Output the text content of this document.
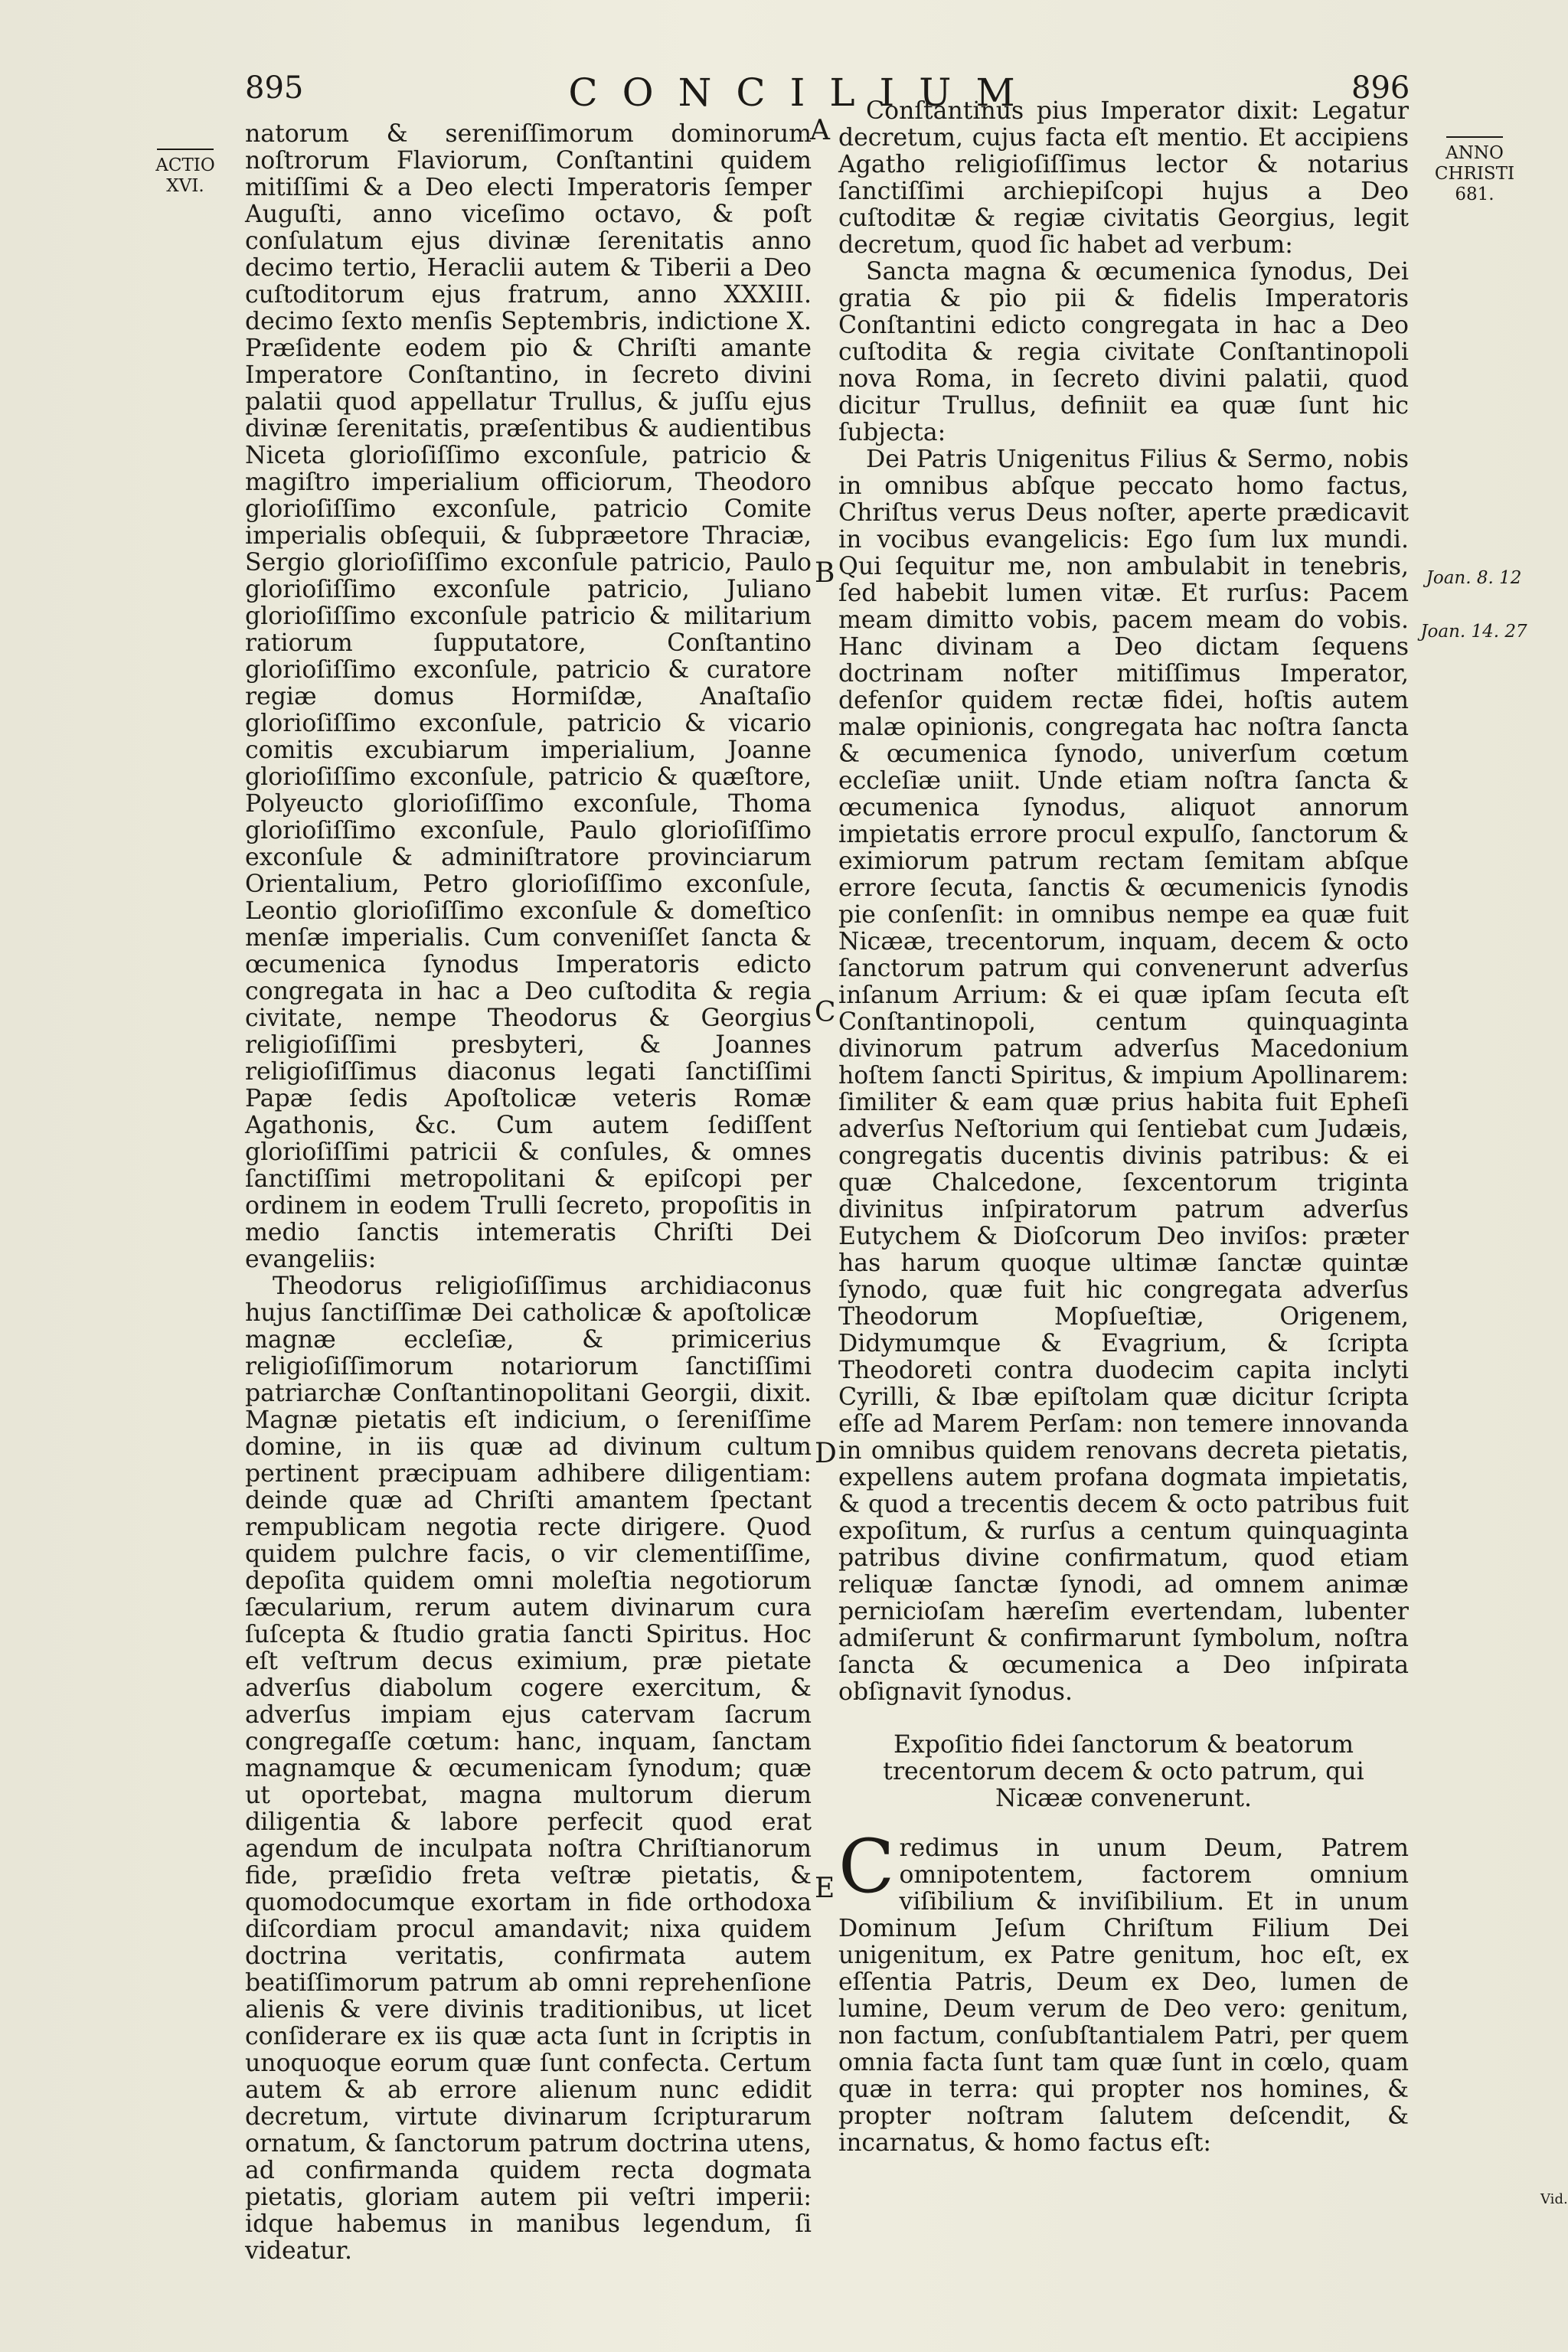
895	CONCILIUM	896

ACTIO
XVI.

ANNO
CHRISTI
681.
Joan. 8. 12
Joan. 14. 27
Vid.
A
B
C
D
E

natorum & sereniſſimorum dominorum noſtrorum Flaviorum, Conſtantini quidem mitiſſimi & a Deo electi Imperatoris ſemper Auguſti, anno viceſimo octavo, & poſt conſulatum ejus divinæ ſerenitatis anno decimo tertio, Heraclii autem & Tiberii a Deo cuſtoditorum ejus fratrum, anno XXXIII. decimo ſexto menſis Septembris, indictione X. Præſidente eodem pio & Chriſti amante Imperatore Conſtantino, in ſecreto divini palatii quod appellatur Trullus, & juſſu ejus divinæ ſerenitatis, præſentibus & audientibus Niceta glorioſiſſimo exconſule, patricio & magiſtro imperialium officiorum, Theodoro glorioſiſſimo exconſule, patricio Comite imperialis obſequii, & ſubpræetore Thraciæ, Sergio glorioſiſſimo exconſule patricio, Paulo glorioſiſſimo exconſule patricio, Juliano glorioſiſſimo exconſule patricio & militarium ratiorum ſupputatore, Conſtantino glorioſiſſimo exconſule, patricio & curatore regiæ domus Hormiſdæ, Anaſtaſio glorioſiſſimo exconſule, patricio & vicario comitis excubiarum imperialium, Joanne glorioſiſſimo exconſule, patricio & quæſtore, Polyeucto glorioſiſſimo exconſule, Thoma glorioſiſſimo exconſule, Paulo glorioſiſſimo exconſule & adminiſtratore provinciarum Orientalium, Petro glorioſiſſimo exconſule, Leontio glorioſiſſimo exconſule & domeſtico menſæ imperialis. Cum conveniſſet ſancta & œcumenica ſynodus Imperatoris edicto congregata in hac a Deo cuſtodita & regia civitate, nempe Theodorus & Georgius religioſiſſimi presbyteri, & Joannes religioſiſſimus diaconus legati ſanctiſſimi Papæ ſedis Apoſtolicæ veteris Romæ Agathonis, &c. Cum autem ſediſſent glorioſiſſimi patricii & conſules, & omnes ſanctiſſimi metropolitani & epiſcopi per ordinem in eodem Trulli ſecreto, propoſitis in medio ſanctis intemeratis Chriſti Dei evangeliis:

Theodorus religioſiſſimus archidiaconus hujus ſanctiſſimæ Dei catholicæ & apoſtolicæ magnæ eccleſiæ, & primicerius religioſiſſimorum notariorum ſanctiſſimi patriarchæ Conſtantinopolitani Georgii, dixit. Magnæ pietatis eſt indicium, o ſereniſſime domine, in iis quæ ad divinum cultum pertinent præcipuam adhibere diligentiam: deinde quæ ad Chriſti amantem ſpectant rempublicam negotia recte dirigere. Quod quidem pulchre facis, o vir clementiſſime, depoſita quidem omni moleſtia negotiorum ſæcularium, rerum autem divinarum cura ſuſcepta & ſtudio gratia ſancti Spiritus. Hoc eſt veſtrum decus eximium, præ pietate adverſus diabolum cogere exercitum, & adverſus impiam ejus catervam ſacrum congregaſſe cœtum: hanc, inquam, ſanctam magnamque & œcumenicam ſynodum; quæ ut oportebat, magna multorum dierum diligentia & labore perfecit quod erat agendum de inculpata noſtra Chriſtianorum fide, præſidio freta veſtræ pietatis, & quomodocumque exortam in fide orthodoxa diſcordiam procul amandavit; nixa quidem doctrina veritatis, confirmata autem beatiſſimorum patrum ab omni reprehenſione alienis & vere divinis traditionibus, ut licet conſiderare ex iis quæ acta ſunt in ſcriptis in unoquoque eorum quæ ſunt confecta. Certum autem & ab errore alienum nunc edidit decretum, virtute divinarum ſcripturarum ornatum, & ſanctorum patrum doctrina utens, ad confirmanda quidem recta dogmata pietatis, gloriam autem pii veſtri imperii: idque habemus in manibus legendum, ſi videatur.

Conſtantinus pius Imperator dixit: Legatur decretum, cujus facta eſt mentio. Et accipiens Agatho religioſiſſimus lector & notarius ſanctiſſimi archiepiſcopi hujus a Deo cuſtoditæ & regiæ civitatis Georgius, legit decretum, quod ſic habet ad verbum:

Sancta magna & œcumenica ſynodus, Dei gratia & pio pii & fidelis Imperatoris Conſtantini edicto congregata in hac a Deo cuſtodita & regia civitate Conſtantinopoli nova Roma, in ſecreto divini palatii, quod dicitur Trullus, definiit ea quæ ſunt hic ſubjecta:

Dei Patris Unigenitus Filius & Sermo, nobis in omnibus abſque peccato homo factus, Chriſtus verus Deus noſter, aperte prædicavit in vocibus evangelicis: Ego ſum lux mundi. Qui ſequitur me, non ambulabit in tenebris, ſed habebit lumen vitæ. Et rurſus: Pacem meam dimitto vobis, pacem meam do vobis. Hanc divinam a Deo dictam ſequens doctrinam noſter mitiſſimus Imperator, defenſor quidem rectæ fidei, hoſtis autem malæ opinionis, congregata hac noſtra ſancta & œcumenica ſynodo, univerſum cœtum eccleſiæ uniit. Unde etiam noſtra ſancta & œcumenica ſynodus, aliquot annorum impietatis errore procul expulſo, ſanctorum & eximiorum patrum rectam ſemitam abſque errore ſecuta, ſanctis & œcumenicis ſynodis pie conſenſit: in omnibus nempe ea quæ fuit Nicææ, trecentorum, inquam, decem & octo ſanctorum patrum qui convenerunt adverſus inſanum Arrium: & ei quæ ipſam ſecuta eſt Conſtantinopoli, centum quinquaginta divinorum patrum adverſus Macedonium hoſtem ſancti Spiritus, & impium Apollinarem: ſimiliter & eam quæ prius habita fuit Epheſi adverſus Neſtorium qui ſentiebat cum Judæis, congregatis ducentis divinis patribus: & ei quæ Chalcedone, ſexcentorum triginta divinitus inſpiratorum patrum adverſus Eutychem & Dioſcorum Deo inviſos: præter has harum quoque ultimæ ſanctæ quintæ ſynodo, quæ fuit hic congregata adverſus Theodorum Mopſueſtiæ, Origenem, Didymumque & Evagrium, & ſcripta Theodoreti contra duodecim capita inclyti Cyrilli, & Ibæ epiſtolam quæ dicitur ſcripta eſſe ad Marem Perſam: non temere innovanda in omnibus quidem renovans decreta pietatis, expellens autem profana dogmata impietatis, & quod a trecentis decem & octo patribus fuit expoſitum, & rurſus a centum quinquaginta patribus divine confirmatum, quod etiam reliquæ ſanctæ ſynodi, ad omnem animæ pernicioſam hæreſim evertendam, lubenter admiſerunt & confirmarunt ſymbolum, noſtra ſancta & œcumenica a Deo inſpirata obſignavit ſynodus.

Expoſitio fidei ſanctorum & beatorum trecentorum decem & octo patrum, qui Nicææ convenerunt.

Credimus in unum Deum, Patrem omnipotentem, factorem omnium viſibilium & inviſibilium. Et in unum Dominum Jeſum Chriſtum Filium Dei unigenitum, ex Patre genitum, hoc eſt, ex eſſentia Patris, Deum ex Deo, lumen de lumine, Deum verum de Deo vero: genitum, non factum, conſubſtantialem Patri, per quem omnia facta ſunt tam quæ ſunt in cœlo, quam quæ in terra: qui propter nos homines, & propter noſtram ſalutem deſcendit, & incarnatus, & homo factus eſt:
